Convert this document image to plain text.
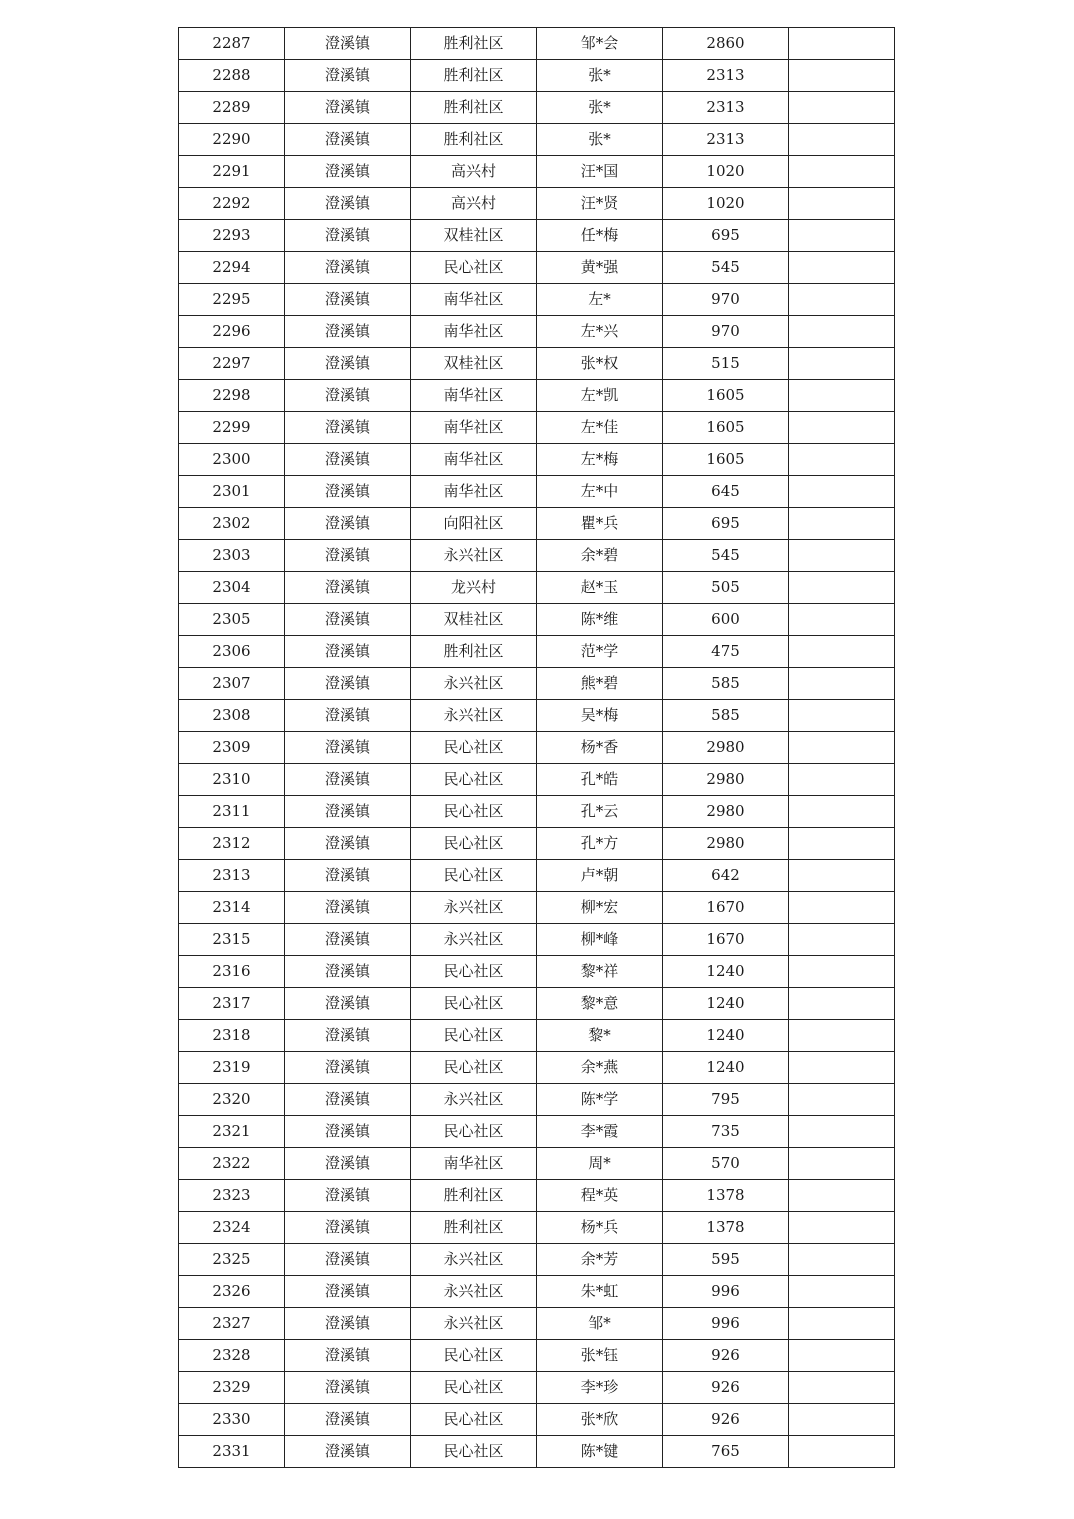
2287	澄溪镇	胜利社区	邹*会	2860	
2288	澄溪镇	胜利社区	张*	2313	
2289	澄溪镇	胜利社区	张*	2313	
2290	澄溪镇	胜利社区	张*	2313	
2291	澄溪镇	高兴村	汪*国	1020	
2292	澄溪镇	高兴村	汪*贤	1020	
2293	澄溪镇	双桂社区	任*梅	695	
2294	澄溪镇	民心社区	黄*强	545	
2295	澄溪镇	南华社区	左*	970	
2296	澄溪镇	南华社区	左*兴	970	
2297	澄溪镇	双桂社区	张*权	515	
2298	澄溪镇	南华社区	左*凯	1605	
2299	澄溪镇	南华社区	左*佳	1605	
2300	澄溪镇	南华社区	左*梅	1605	
2301	澄溪镇	南华社区	左*中	645	
2302	澄溪镇	向阳社区	瞿*兵	695	
2303	澄溪镇	永兴社区	余*碧	545	
2304	澄溪镇	龙兴村	赵*玉	505	
2305	澄溪镇	双桂社区	陈*维	600	
2306	澄溪镇	胜利社区	范*学	475	
2307	澄溪镇	永兴社区	熊*碧	585	
2308	澄溪镇	永兴社区	吴*梅	585	
2309	澄溪镇	民心社区	杨*香	2980	
2310	澄溪镇	民心社区	孔*皓	2980	
2311	澄溪镇	民心社区	孔*云	2980	
2312	澄溪镇	民心社区	孔*方	2980	
2313	澄溪镇	民心社区	卢*朝	642	
2314	澄溪镇	永兴社区	柳*宏	1670	
2315	澄溪镇	永兴社区	柳*峰	1670	
2316	澄溪镇	民心社区	黎*祥	1240	
2317	澄溪镇	民心社区	黎*意	1240	
2318	澄溪镇	民心社区	黎*	1240	
2319	澄溪镇	民心社区	余*燕	1240	
2320	澄溪镇	永兴社区	陈*学	795	
2321	澄溪镇	民心社区	李*霞	735	
2322	澄溪镇	南华社区	周*	570	
2323	澄溪镇	胜利社区	程*英	1378	
2324	澄溪镇	胜利社区	杨*兵	1378	
2325	澄溪镇	永兴社区	余*芳	595	
2326	澄溪镇	永兴社区	朱*虹	996	
2327	澄溪镇	永兴社区	邹*	996	
2328	澄溪镇	民心社区	张*钰	926	
2329	澄溪镇	民心社区	李*珍	926	
2330	澄溪镇	民心社区	张*欣	926	
2331	澄溪镇	民心社区	陈*键	765	
